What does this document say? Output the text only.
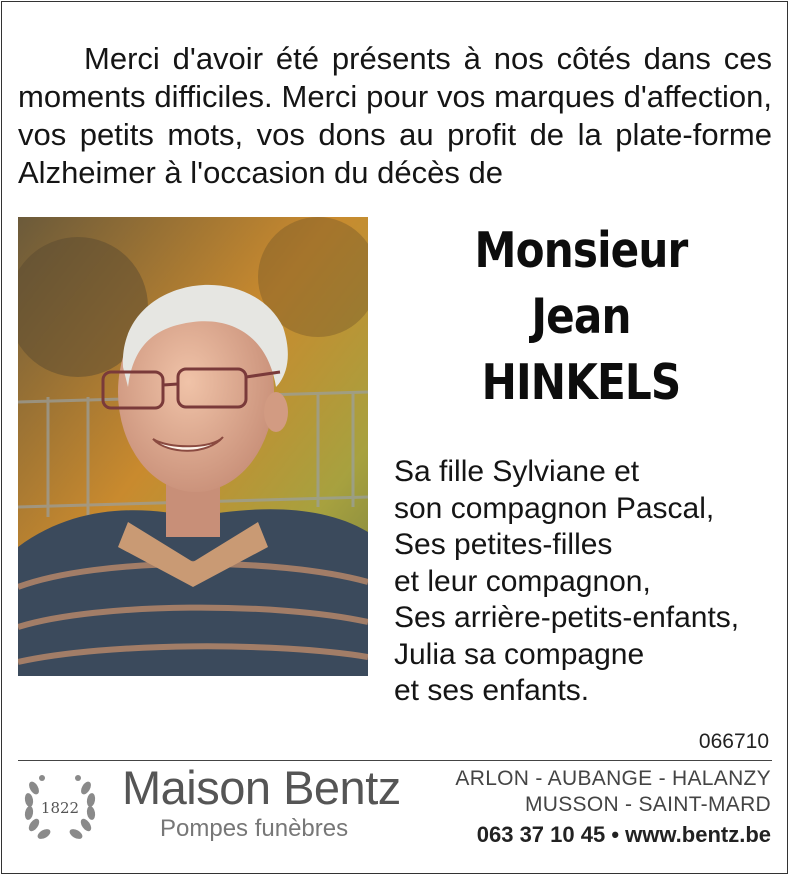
Merci d'avoir été présents à nos côtés dans ces moments difficiles. Merci pour vos marques d'affection, vos petits mots, vos dons au profit de la plate-forme Alzheimer à l'occasion du décès de
Monsieur
Jean
HINKELS
Sa fille Sylviane et
son compagnon Pascal,
Ses petites-filles
et leur compagnon,
Ses arrière-petits-enfants,
Julia sa compagne
et ses enfants.
066710
1822 Maison Bentz
Pompes funèbres
ARLON - AUBANGE - HALANZY
MUSSON - SAINT-MARD
063 37 10 45 • www.bentz.be
